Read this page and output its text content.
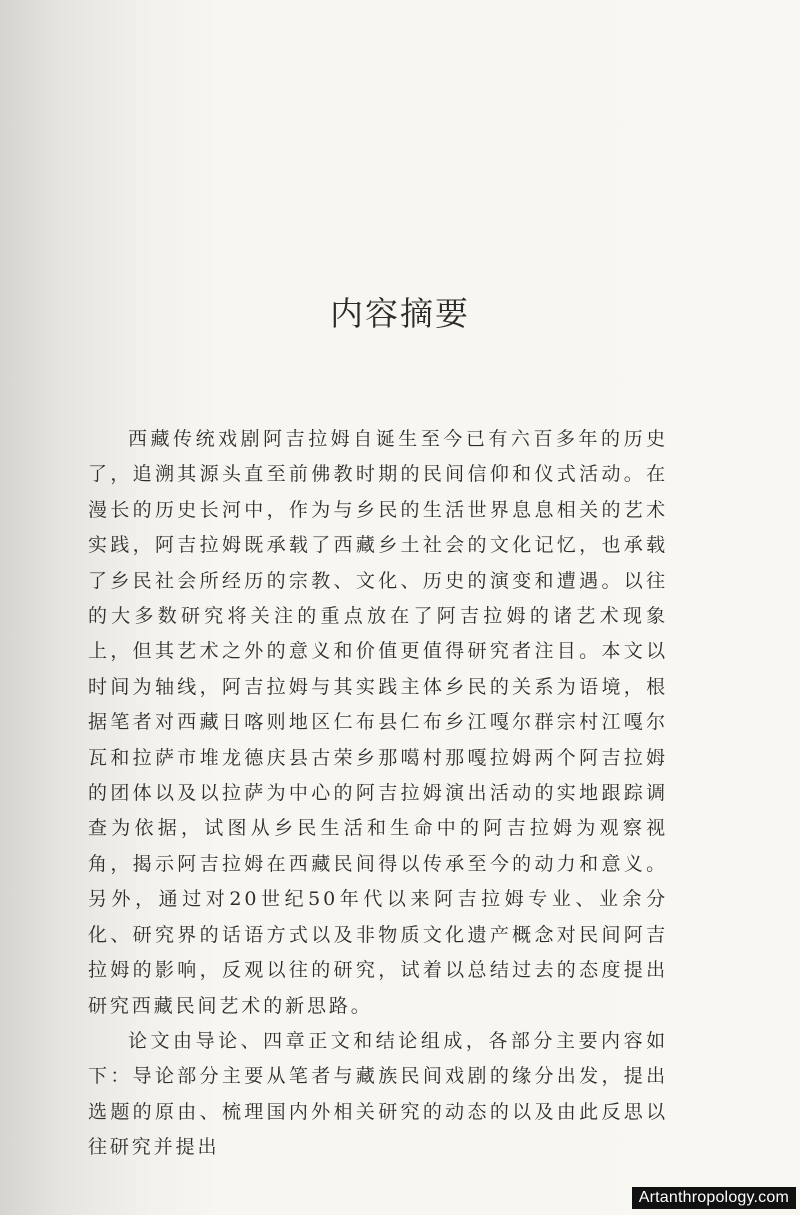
内容摘要

西藏传统戏剧阿吉拉姆自诞生至今已有六百多年的历史了，追溯其源头直至前佛教时期的民间信仰和仪式活动。在漫长的历史长河中，作为与乡民的生活世界息息相关的艺术实践，阿吉拉姆既承载了西藏乡土社会的文化记忆，也承载了乡民社会所经历的宗教、文化、历史的演变和遭遇。以往的大多数研究将关注的重点放在了阿吉拉姆的诸艺术现象上，但其艺术之外的意义和价值更值得研究者注目。本文以时间为轴线，阿吉拉姆与其实践主体乡民的关系为语境，根据笔者对西藏日喀则地区仁布县仁布乡江嘎尔群宗村江嘎尔瓦和拉萨市堆龙德庆县古荣乡那噶村那嘎拉姆两个阿吉拉姆的团体以及以拉萨为中心的阿吉拉姆演出活动的实地跟踪调查为依据，试图从乡民生活和生命中的阿吉拉姆为观察视角，揭示阿吉拉姆在西藏民间得以传承至今的动力和意义。另外，通过对20世纪50年代以来阿吉拉姆专业、业余分化、研究界的话语方式以及非物质文化遗产概念对民间阿吉拉姆的影响，反观以往的研究，试着以总结过去的态度提出研究西藏民间艺术的新思路。

论文由导论、四章正文和结论组成，各部分主要内容如下：导论部分主要从笔者与藏族民间戏剧的缘分出发，提出选题的原由、梳理国内外相关研究的动态的以及由此反思以往研究并提出

Artanthropology.com
